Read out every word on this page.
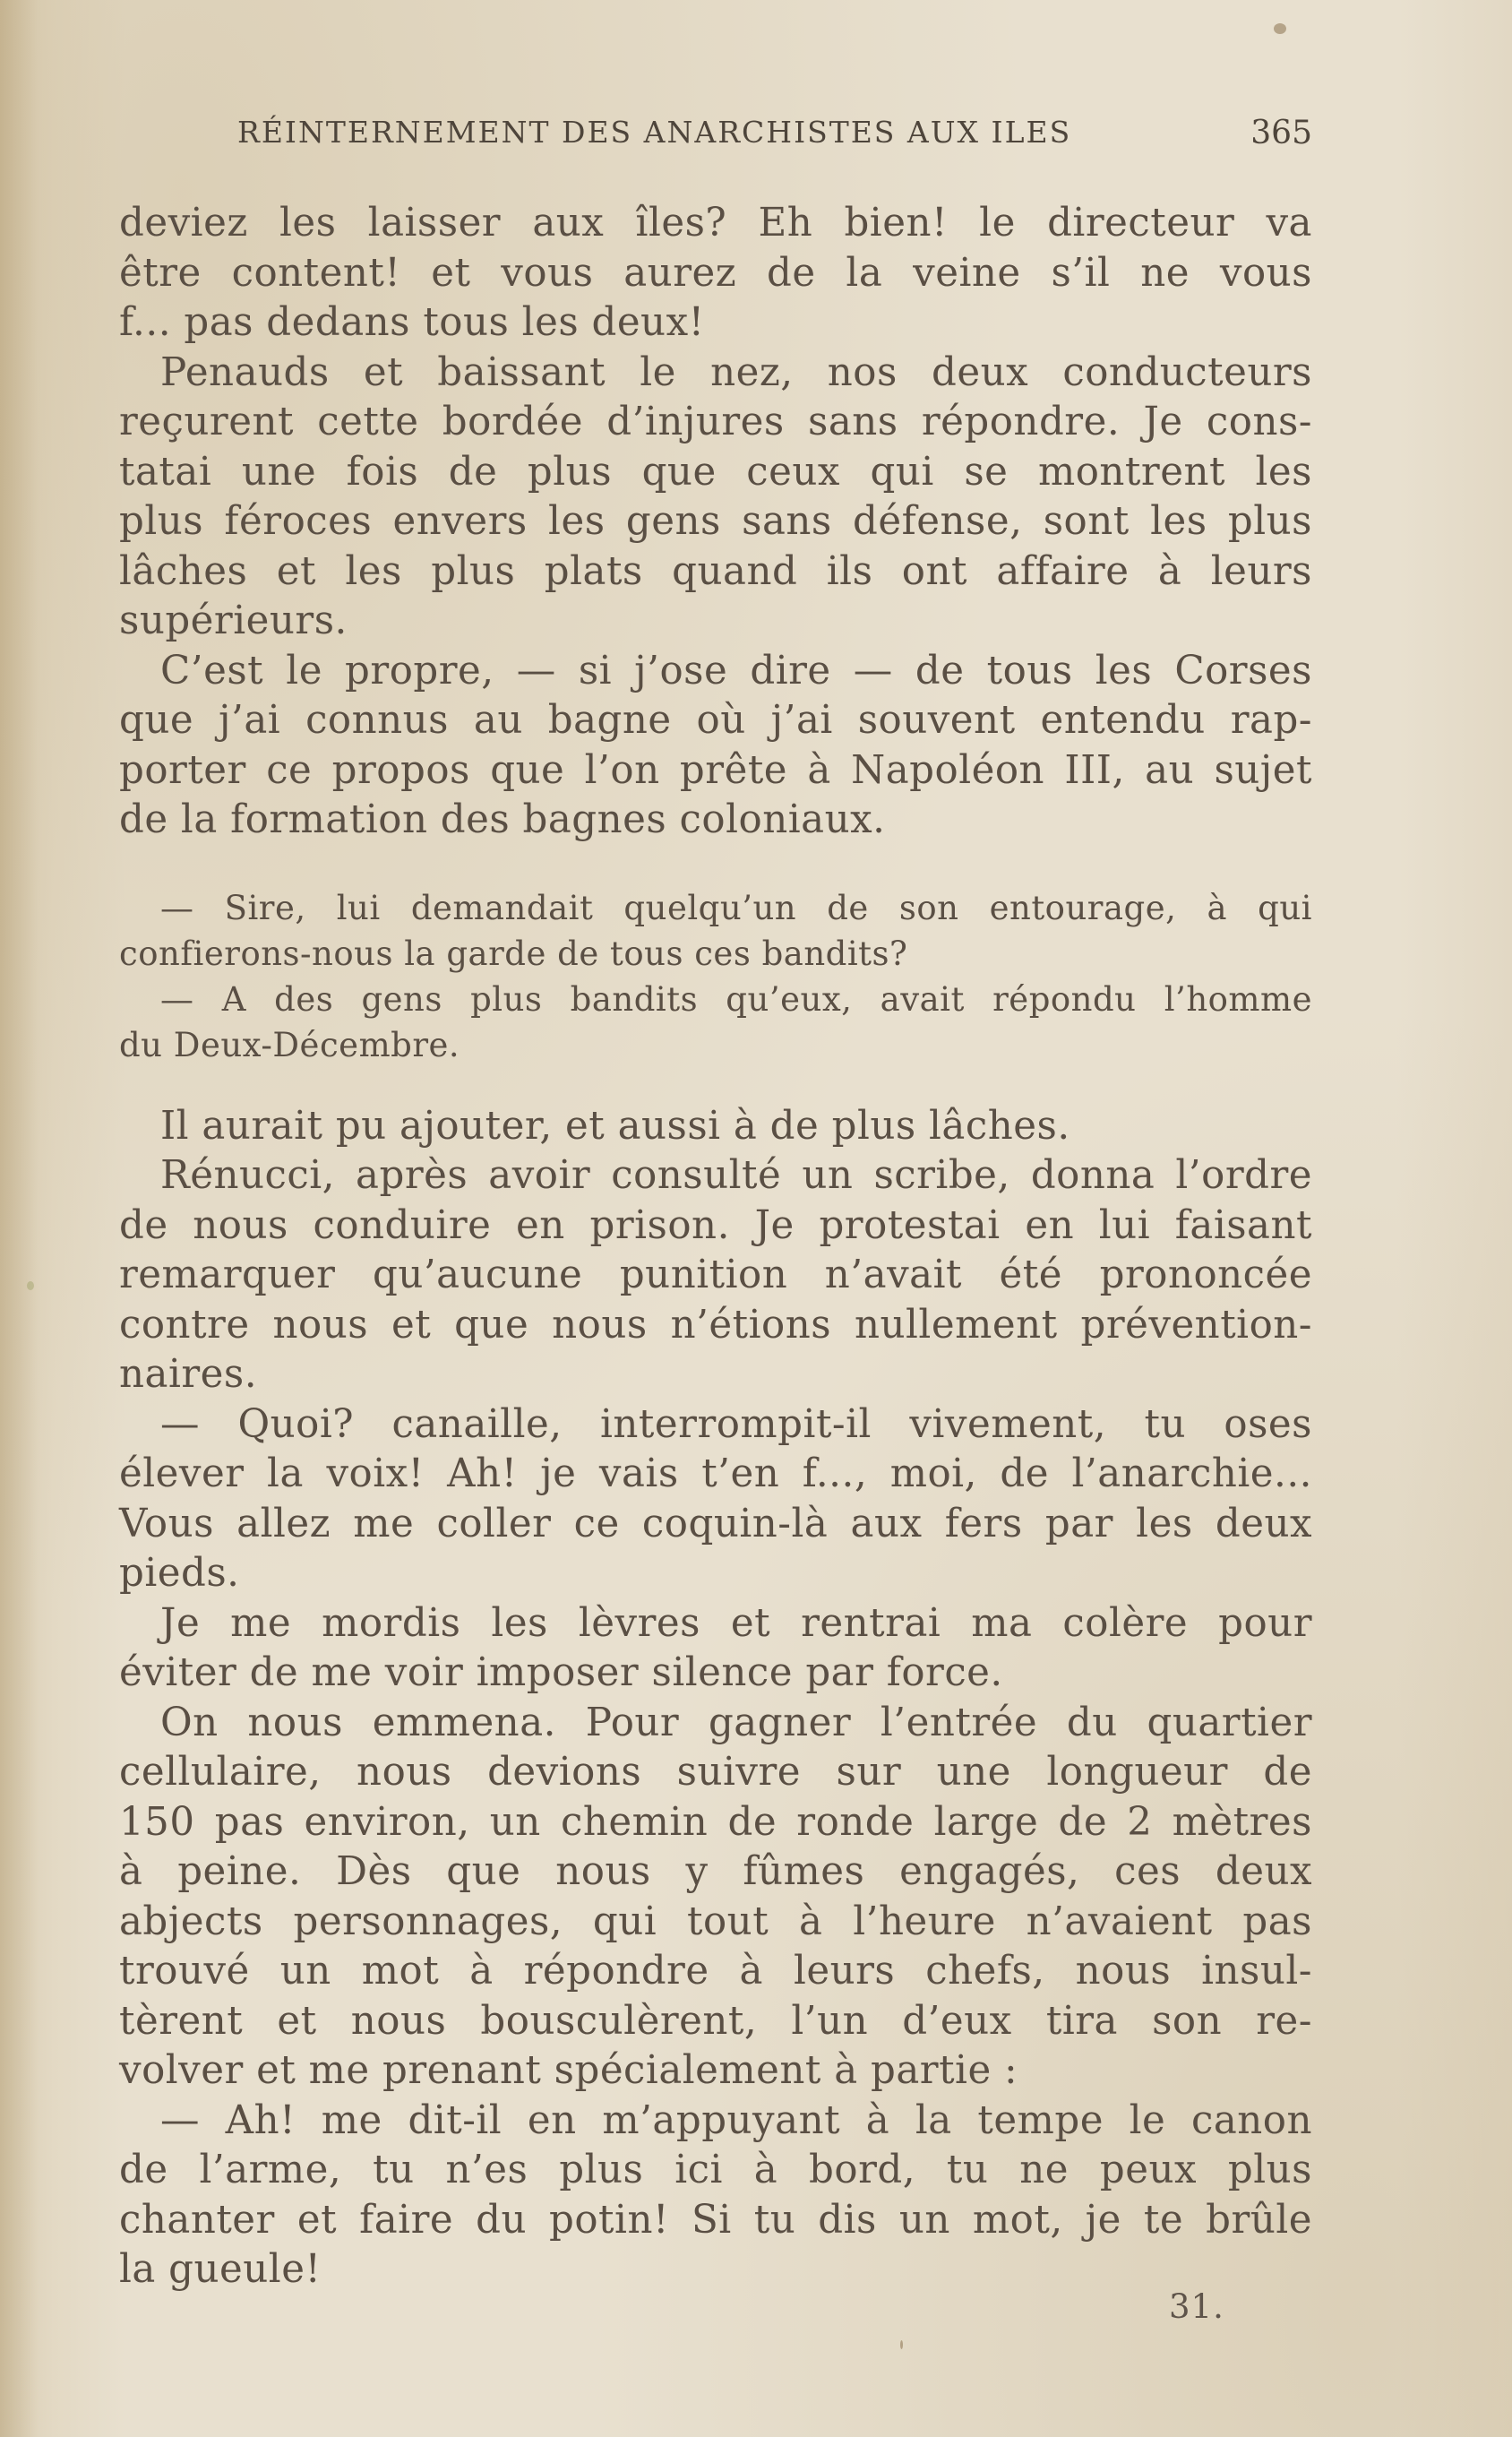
RÉINTERNEMENT DES ANARCHISTES AUX ILES	365
deviez les laisser aux îles? Eh bien! le directeur va
être content! et vous aurez de la veine s’il ne vous
f... pas dedans tous les deux!
Penauds et baissant le nez, nos deux conducteurs
reçurent cette bordée d’injures sans répondre. Je cons-
tatai une fois de plus que ceux qui se montrent les
plus féroces envers les gens sans défense, sont les plus
lâches et les plus plats quand ils ont affaire à leurs
supérieurs.
C’est le propre, — si j’ose dire — de tous les Corses
que j’ai connus au bagne où j’ai souvent entendu rap-
porter ce propos que l’on prête à Napoléon III, au sujet
de la formation des bagnes coloniaux.
— Sire, lui demandait quelqu’un de son entourage, à qui
confierons-nous la garde de tous ces bandits?
— A des gens plus bandits qu’eux, avait répondu l’homme
du Deux-Décembre.
Il aurait pu ajouter, et aussi à de plus lâches.
Rénucci, après avoir consulté un scribe, donna l’ordre
de nous conduire en prison. Je protestai en lui faisant
remarquer qu’aucune punition n’avait été prononcée
contre nous et que nous n’étions nullement prévention-
naires.
— Quoi? canaille, interrompit-il vivement, tu oses
élever la voix! Ah! je vais t’en f..., moi, de l’anarchie...
Vous allez me coller ce coquin-là aux fers par les deux
pieds.
Je me mordis les lèvres et rentrai ma colère pour
éviter de me voir imposer silence par force.
On nous emmena. Pour gagner l’entrée du quartier
cellulaire, nous devions suivre sur une longueur de
150 pas environ, un chemin de ronde large de 2 mètres
à peine. Dès que nous y fûmes engagés, ces deux
abjects personnages, qui tout à l’heure n’avaient pas
trouvé un mot à répondre à leurs chefs, nous insul-
tèrent et nous bousculèrent, l’un d’eux tira son re-
volver et me prenant spécialement à partie :
— Ah! me dit-il en m’appuyant à la tempe le canon
de l’arme, tu n’es plus ici à bord, tu ne peux plus
chanter et faire du potin! Si tu dis un mot, je te brûle
la gueule!
31.
